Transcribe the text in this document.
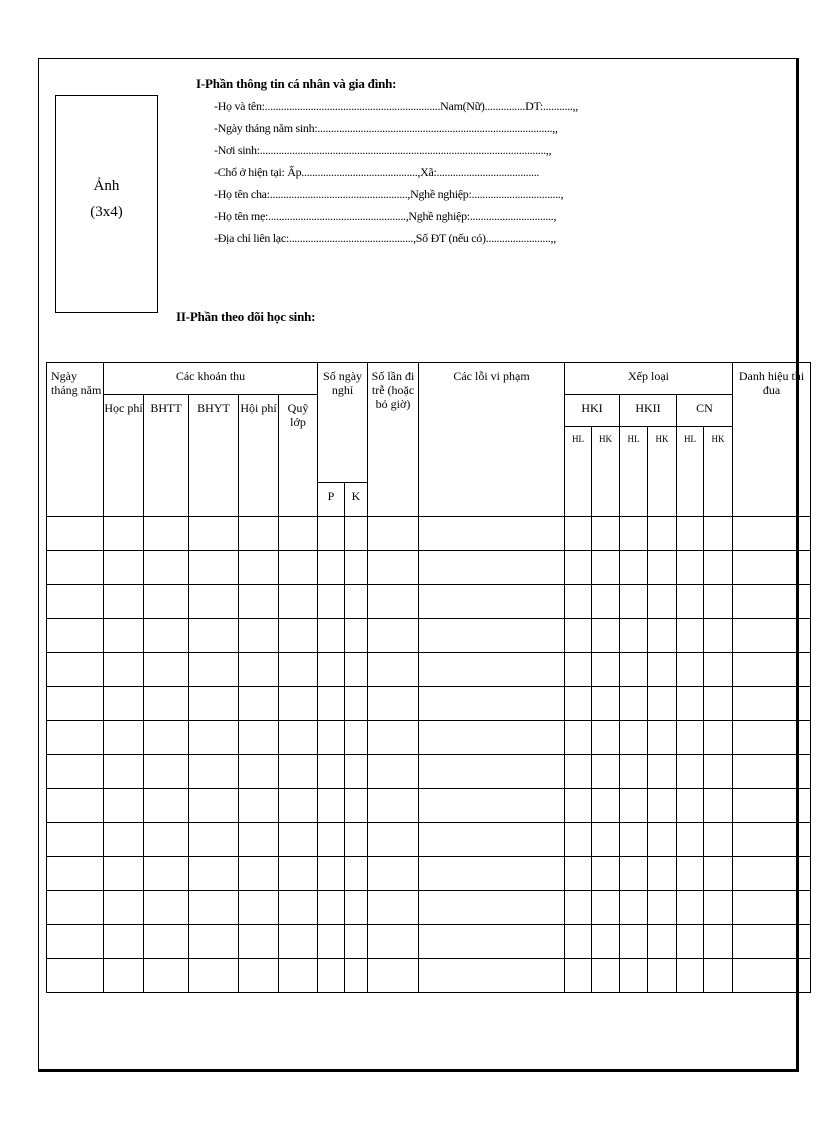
Ảnh
(3x4)
I-Phần thông tin cá nhân và gia đình:
-Họ và tên:.................................................................Nam(Nữ)...............DT:...........,,
-Ngày tháng năm sinh:.......................................................................................,,
-Nơi sinh:..........................................................................................................,,
-Chổ ở hiện tại: Ấp...........................................,Xã:......................................
-Họ tên cha:...................................................,Nghề nghiệp:.................................,
-Họ tên mẹ:...................................................,Nghề nghiệp:...............................,
-Địa chỉ liên lạc:..............................................,Số ĐT (nếu có)........................,,
II-Phần theo dõi học sinh:
Ngày tháng năm	Các khoản thu					Số ngày nghỉ		Số lần đi trễ (hoặc bỏ giờ)	Các lỗi vi phạm	Xếp loại						Danh hiệu thi đua
	Học phí	BHTT	BHYT	Hội phí	Quỹ lớp					HKI		HKII		CN		
										HL	HK	HL	HK	HL	HK	
						P	K									
